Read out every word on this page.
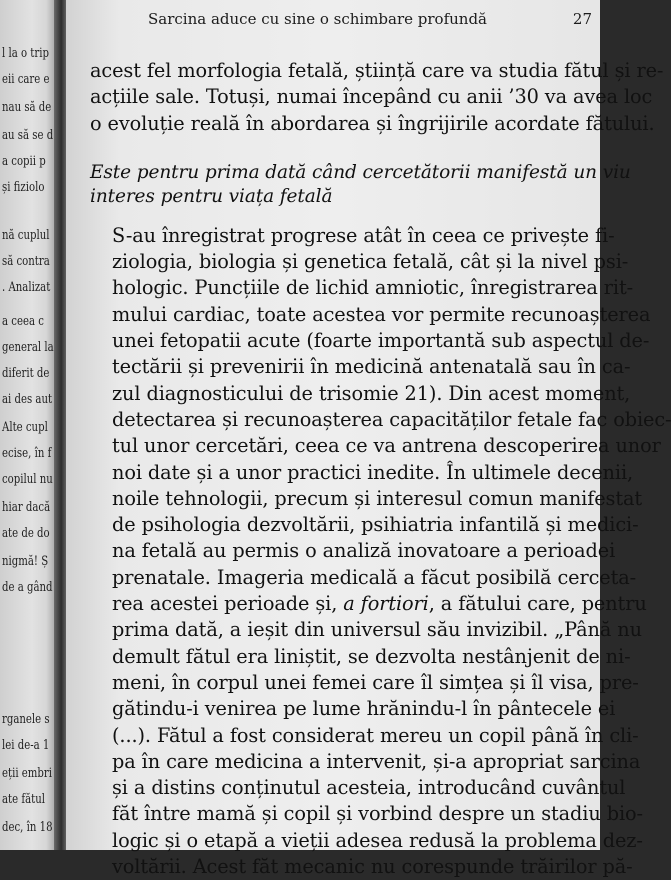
l la o trip
eii care e
nau să de
au să se d
a copii p
și fiziolo
nă cuplul
să contra
. Analizat
a ceea c
general la
diferit de
ai des aut
Alte cupl
ecise, în f
copilul nu
hiar dacă
ate de do
nigmă! Ș
de a gând
rganele s
lei de-a 1
eții embri
ate fătul
dec, în 18
Sarcina aduce cu sine o schimbare profundă	27

acest fel morfologia fetală, știință care va studia fătul și re-
acțiile sale. Totuși, numai începând cu anii ’30 va avea loc
o evoluție reală în abordarea și îngrijirile acordate fătului.

Este pentru prima dată când cercetătorii manifestă un viu
interes pentru viața fetală

S-au înregistrat progrese atât în ceea ce privește fi-
ziologia, biologia și genetica fetală, cât și la nivel psi-
hologic. Puncțiile de lichid amniotic, înregistrarea rit-
mului cardiac, toate acestea vor permite recunoașterea
unei fetopatii acute (foarte importantă sub aspectul de-
tectării și prevenirii în medicină antenatală sau în ca-
zul diagnosticului de trisomie 21). Din acest moment,
detectarea și recunoașterea capacităților fetale fac obiec-
tul unor cercetări, ceea ce va antrena descoperirea unor
noi date și a unor practici inedite. În ultimele decenii,
noile tehnologii, precum și interesul comun manifestat
de psihologia dezvoltării, psihiatria infantilă și medici-
na fetală au permis o analiză inovatoare a perioadei
prenatale. Imageria medicală a făcut posibilă cerceta-
rea acestei perioade și, a fortiori, a fătului care, pentru
prima dată, a ieșit din universul său invizibil. „Până nu
demult fătul era liniștit, se dezvolta nestânjenit de ni-
meni, în corpul unei femei care îl simțea și îl visa, pre-
gătindu-i venirea pe lume hrănindu-l în pântecele ei
(...). Fătul a fost considerat mereu un copil până în cli-
pa în care medicina a intervenit, și-a apropriat sarcina
și a distins conținutul acesteia, introducând cuvântul
făt între mamă și copil și vorbind despre un stadiu bio-
logic și o etapă a vieții adesea redusă la problema dez-
voltării. Acest făt mecanic nu corespunde trăirilor pă-
